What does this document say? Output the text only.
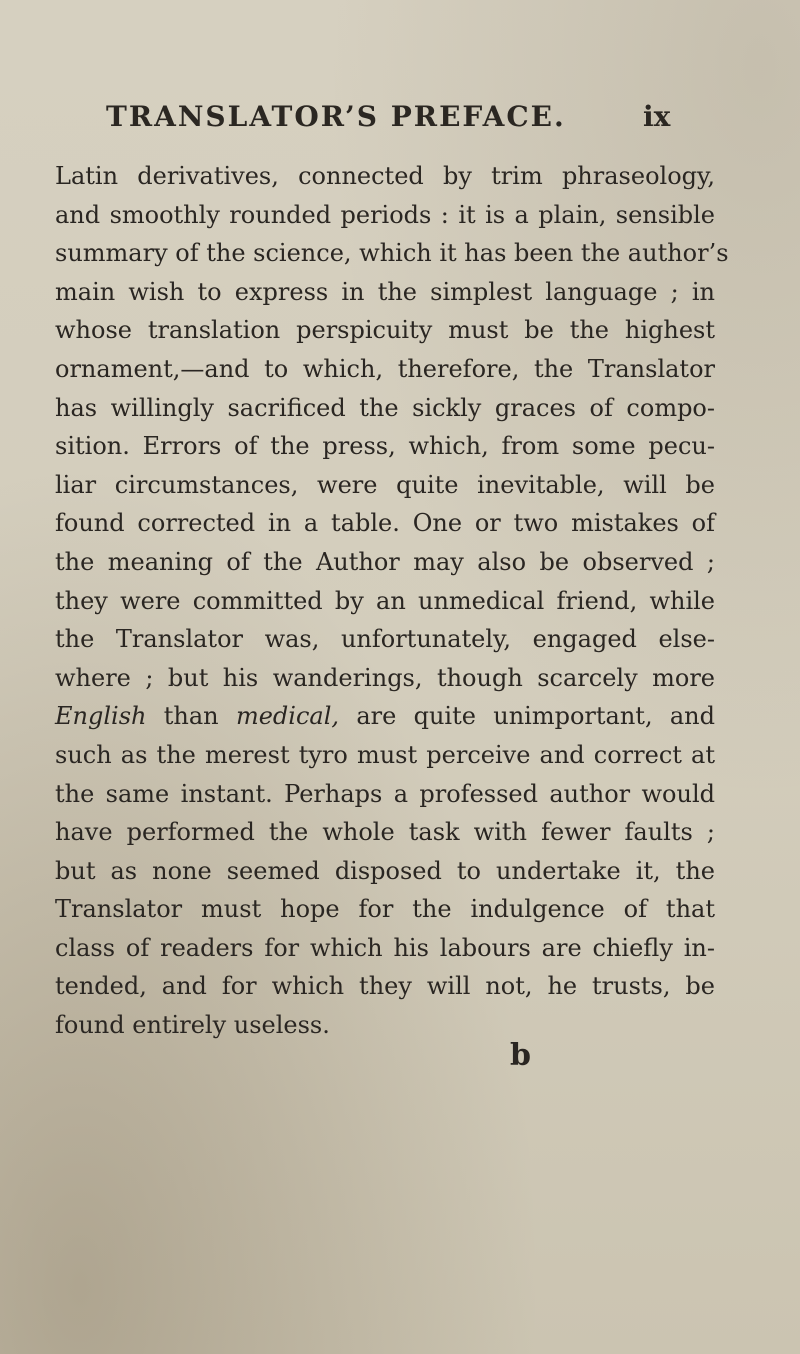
TRANSLATOR’S PREFACE.	ix
Latin derivatives, connected by trim phraseology,
and smoothly rounded periods : it is a plain, sensible
summary of the science, which it has been the author’s
main wish to express in the simplest language ; in
whose translation perspicuity must be the highest
ornament,—and to which, therefore, the Translator
has willingly sacrificed the sickly graces of compo-
sition. Errors of the press, which, from some pecu-
liar circumstances, were quite inevitable, will be
found corrected in a table. One or two mistakes of
the meaning of the Author may also be observed ;
they were committed by an unmedical friend, while
the Translator was, unfortunately, engaged else-
where ; but his wanderings, though scarcely more
English than medical, are quite unimportant, and
such as the merest tyro must perceive and correct at
the same instant. Perhaps a professed author would
have performed the whole task with fewer faults ;
but as none seemed disposed to undertake it, the
Translator must hope for the indulgence of that
class of readers for which his labours are chiefly in-
tended, and for which they will not, he trusts, be
found entirely useless.
b
